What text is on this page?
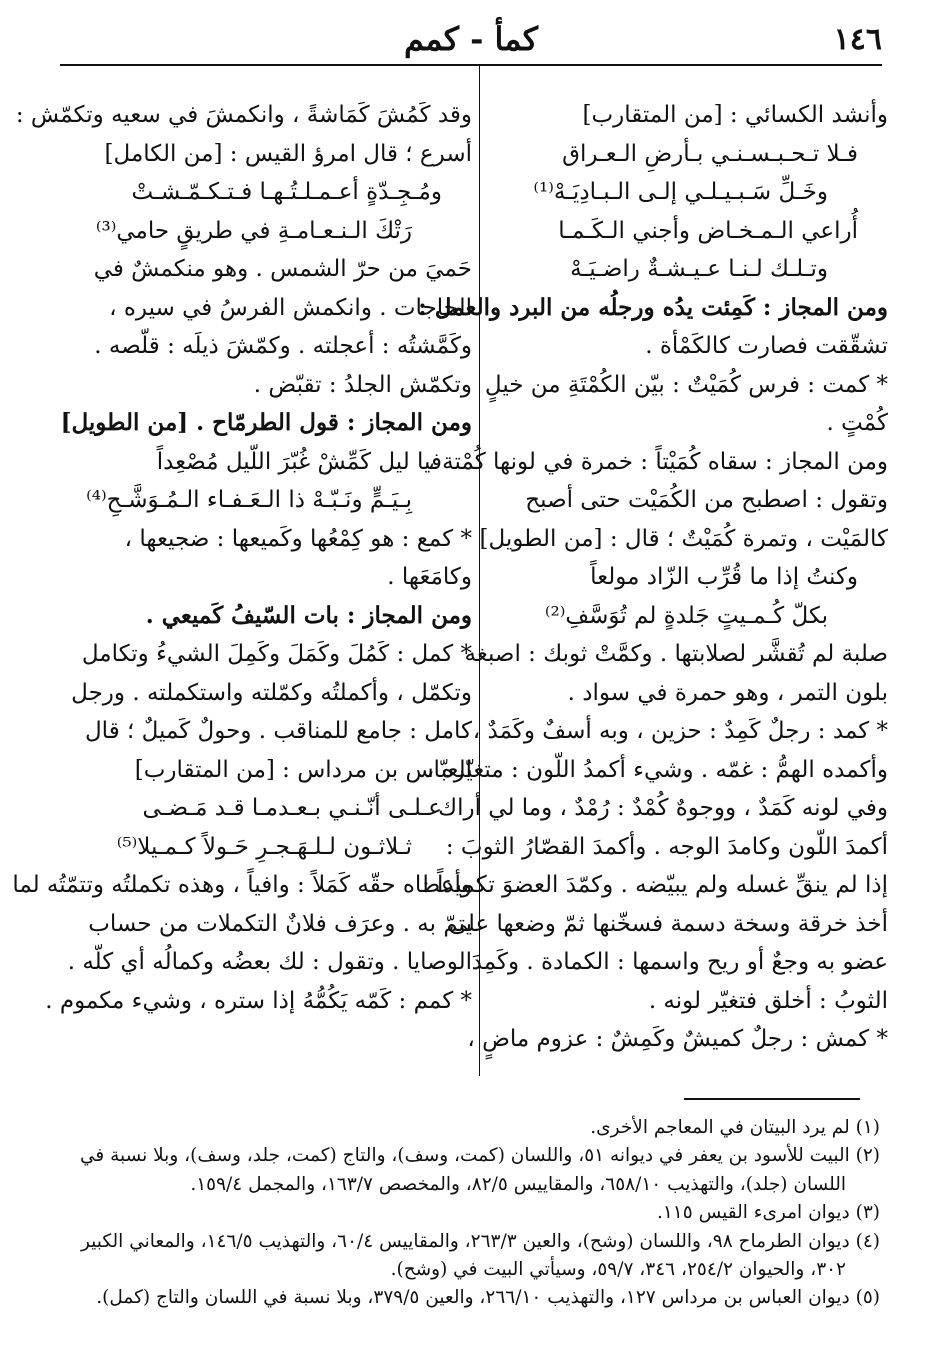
١٤٦
كمأ - كمم
وأنشد الكسائي : [من المتقارب]
فـلا تـحـبـسـنـي بـأرضِ الـعـراق
وخَـلِّ سَـبـيـلـي إلـى الـبـادِيَـهْ⁽¹⁾
أُراعي الـمـخـاض وأجني الـكَـمـا
وتـلـك لـنـا عـيـشـةٌ راضـيَـهْ
ومن المجاز : كَمِئت يدُه ورجلُه من البرد والعمل :
تشقّقت فصارت كالكَمْأة .
* كمت : فرس كُمَيْتٌ : بيّن الكُمْتَةِ من خيلٍ
كُمْتٍ .
ومن المجاز : سقاه كُمَيْتاً : خمرة في لونها كُمْتة ،
وتقول : اصطبح من الكُمَيْت حتى أصبح
كالمَيْت ، وتمرة كُمَيْتٌ ؛ قال : [من الطويل]
وكنتُ إذا ما قُرِّب الزّاد مولعاً
بكلّ كُـمـيتٍ جَلدةٍ لم تُوَسَّفِ⁽²⁾
صلبة لم تُقشَّر لصلابتها . وكمَّتْ ثوبك : اصبغه
بلون التمر ، وهو حمرة في سواد .
* كمد : رجلٌ كَمِدٌ : حزين ، وبه أسفٌ وكَمَدٌ ،
وأكمده الهمُّ : غمّه . وشيء أكمدُ اللّون : متغيّره ،
وفي لونه كَمَدٌ ، ووجوهٌ كُمْدٌ : رُمْدٌ ، وما لي أراك
أكمدَ اللّون وكامدَ الوجه . وأكمدَ القصّارُ الثوبَ :
إذا لم ينقِّ غسله ولم يبيّضه . وكمّدَ العضوَ تكميداً :
أخذ خرقة وسخة دسمة فسخّنها ثمّ وضعها على
عضو به وجعٌ أو ريح واسمها : الكمادة . وكَمِدَ
الثوبُ : أخلق فتغيّر لونه .
* كمش : رجلٌ كميشٌ وكَمِشٌ : عزوم ماضٍ ،
وقد كَمُشَ كَمَاشةً ، وانكمشَ في سعيه وتكمّش :
أسرع ؛ قال امرؤ القيس : [من الكامل]
ومُـجِـدّةٍ أعـمـلـتُـهـا فـتـكـمّـشـتْ
رَتْكَ الـنـعـامـةِ في طريقٍ حامي⁽³⁾
حَميَ من حرّ الشمس . وهو منكمشٌ في
الحاجات . وانكمش الفرسُ في سيره ،
وكَمَّشتُه : أعجلته . وكمّشَ ذيلَه : قلّصه .
وتكمّش الجلدُ : تقبّض .
ومن المجاز : قول الطرمّاح . [من الطويل]
فيا ليل كَمِّشْ غُبّرَ اللّيل مُصْعِداً
بِـيَـمٍّ ونَـبّـهْ ذا الـعَـفـاء الـمُـوَشَّـحِ⁽⁴⁾
* كمع : هو كِمْعُها وكَميعها : ضجيعها ،
وكامَعَها .
ومن المجاز : بات السّيفُ كَميعي .
* كمل : كَمُلَ وكَمَلَ وكَمِلَ الشيءُ وتكامل
وتكمّل ، وأكملتُه وكمّلته واستكملته . ورجل
كامل : جامع للمناقب . وحولٌ كَميلٌ ؛ قال
العبّاس بن مرداس : [من المتقارب]
عـلـى أنّـنـي بـعـدمـا قـد مَـضـى
ثـلاثـون لـلـهَـجـرِ حَـولاً كـمـيلا⁽⁵⁾
وأعطاه حقّه كَمَلاً : وافياً ، وهذه تكملتُه وتتمّتُه لما
يتمّ به . وعرَف فلانٌ التكملات من حساب
الوصايا . وتقول : لك بعضُه وكمالُه أي كلّه .
* كمم : كَمّه يَكُمُّهُ إذا ستره ، وشيء مكموم .
(١) لم يرد البيتان في المعاجم الأخرى.
(٢) البيت للأسود بن يعفر في ديوانه ٥١، واللسان (كمت، وسف)، والتاج (كمت، جلد، وسف)، وبلا نسبة في
اللسان (جلد)، والتهذيب ٦٥٨/١٠، والمقاييس ٨٢/٥، والمخصص ١٦٣/٧، والمجمل ١٥٩/٤.
(٣) ديوان امرىء القيس ١١٥.
(٤) ديوان الطرماح ٩٨، واللسان (وشح)، والعين ٢٦٣/٣، والمقاييس ٦٠/٤، والتهذيب ١٤٦/٥، والمعاني الكبير
٣٠٢، والحيوان ٢٥٤/٢، ٣٤٦، ٥٩/٧، وسيأتي البيت في (وشح).
(٥) ديوان العباس بن مرداس ١٢٧، والتهذيب ٢٦٦/١٠، والعين ٣٧٩/٥، وبلا نسبة في اللسان والتاج (كمل).
